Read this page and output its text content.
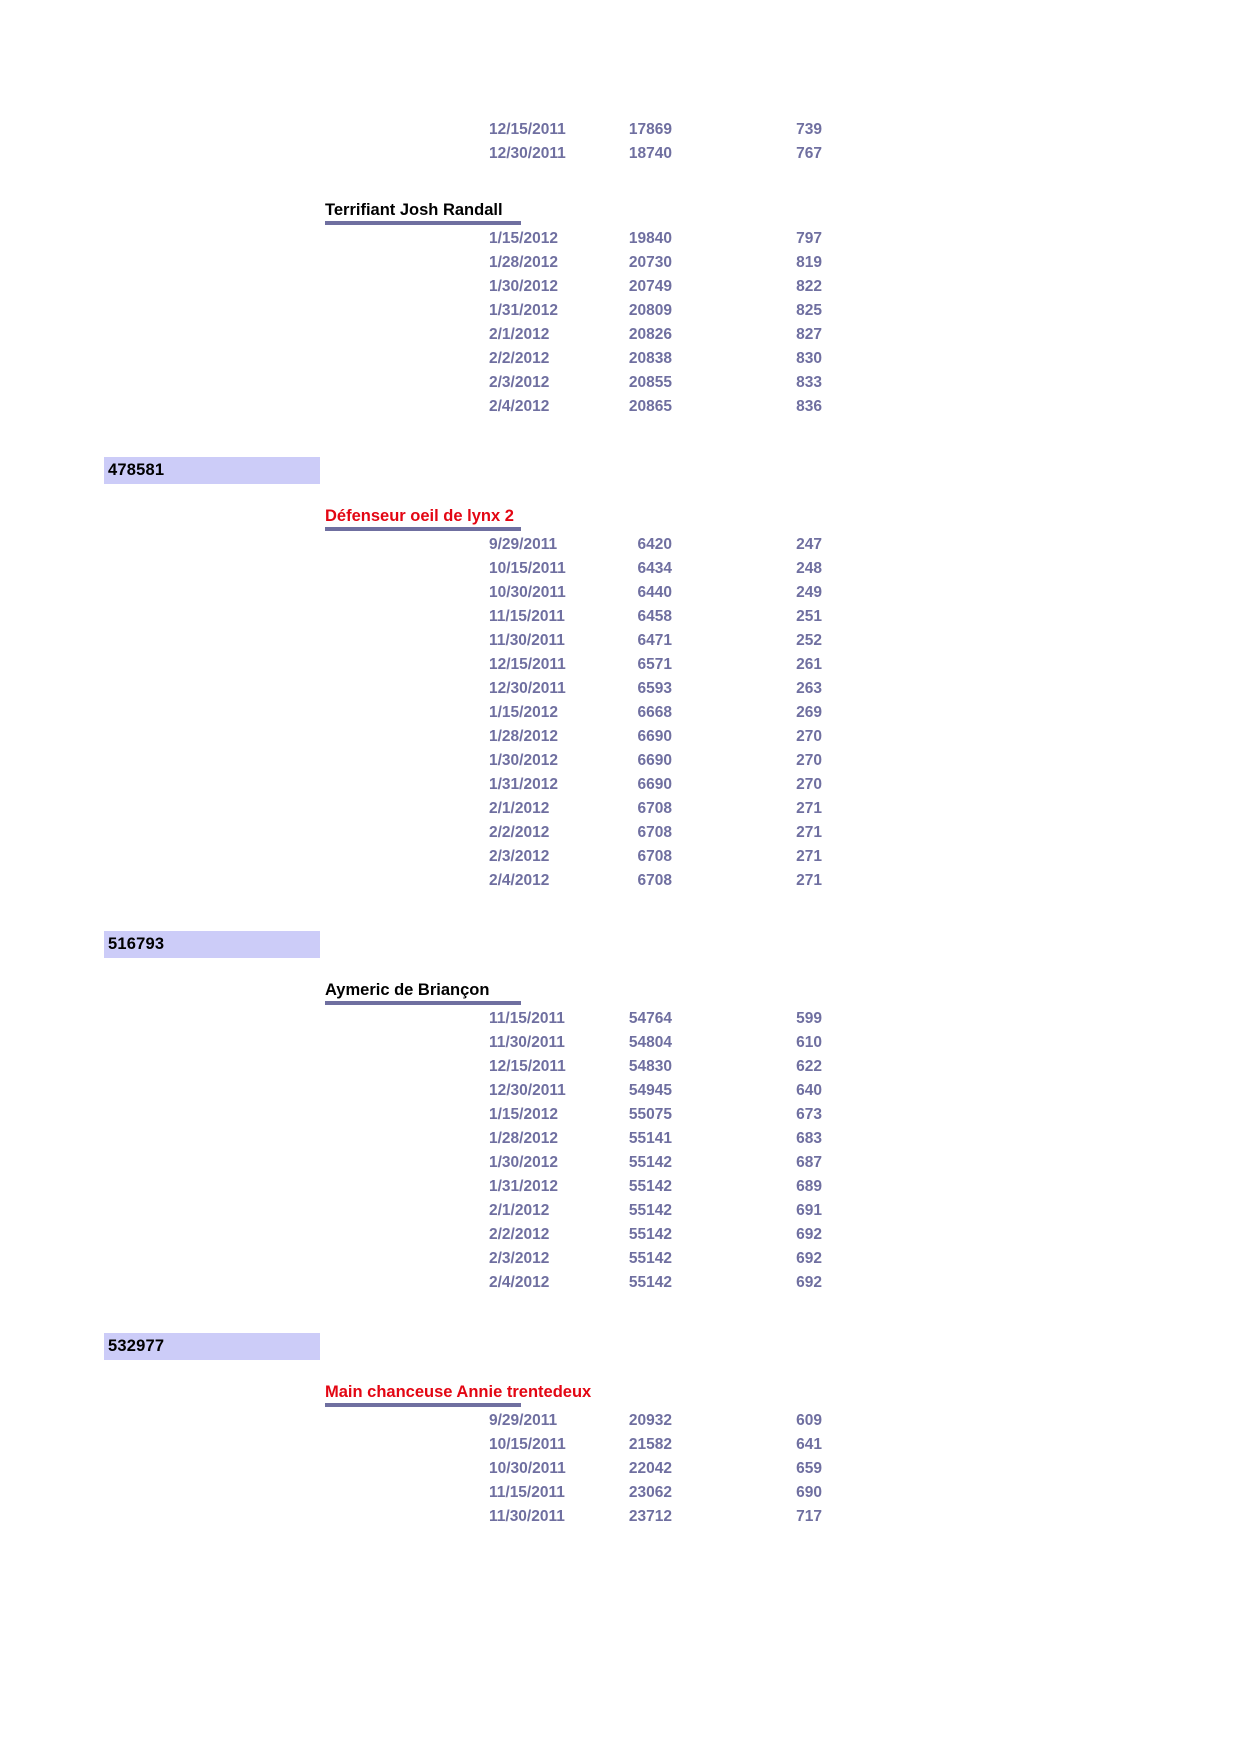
12/15/2011	17869	739
12/30/2011	18740	767
Terrifiant Josh Randall
1/15/2012	19840	797
1/28/2012	20730	819
1/30/2012	20749	822
1/31/2012	20809	825
2/1/2012	20826	827
2/2/2012	20838	830
2/3/2012	20855	833
2/4/2012	20865	836
478581
Défenseur oeil de lynx 2
9/29/2011	6420	247
10/15/2011	6434	248
10/30/2011	6440	249
11/15/2011	6458	251
11/30/2011	6471	252
12/15/2011	6571	261
12/30/2011	6593	263
1/15/2012	6668	269
1/28/2012	6690	270
1/30/2012	6690	270
1/31/2012	6690	270
2/1/2012	6708	271
2/2/2012	6708	271
2/3/2012	6708	271
2/4/2012	6708	271
516793
Aymeric de Briançon
11/15/2011	54764	599
11/30/2011	54804	610
12/15/2011	54830	622
12/30/2011	54945	640
1/15/2012	55075	673
1/28/2012	55141	683
1/30/2012	55142	687
1/31/2012	55142	689
2/1/2012	55142	691
2/2/2012	55142	692
2/3/2012	55142	692
2/4/2012	55142	692
532977
Main chanceuse Annie trentedeux
9/29/2011	20932	609
10/15/2011	21582	641
10/30/2011	22042	659
11/15/2011	23062	690
11/30/2011	23712	717
